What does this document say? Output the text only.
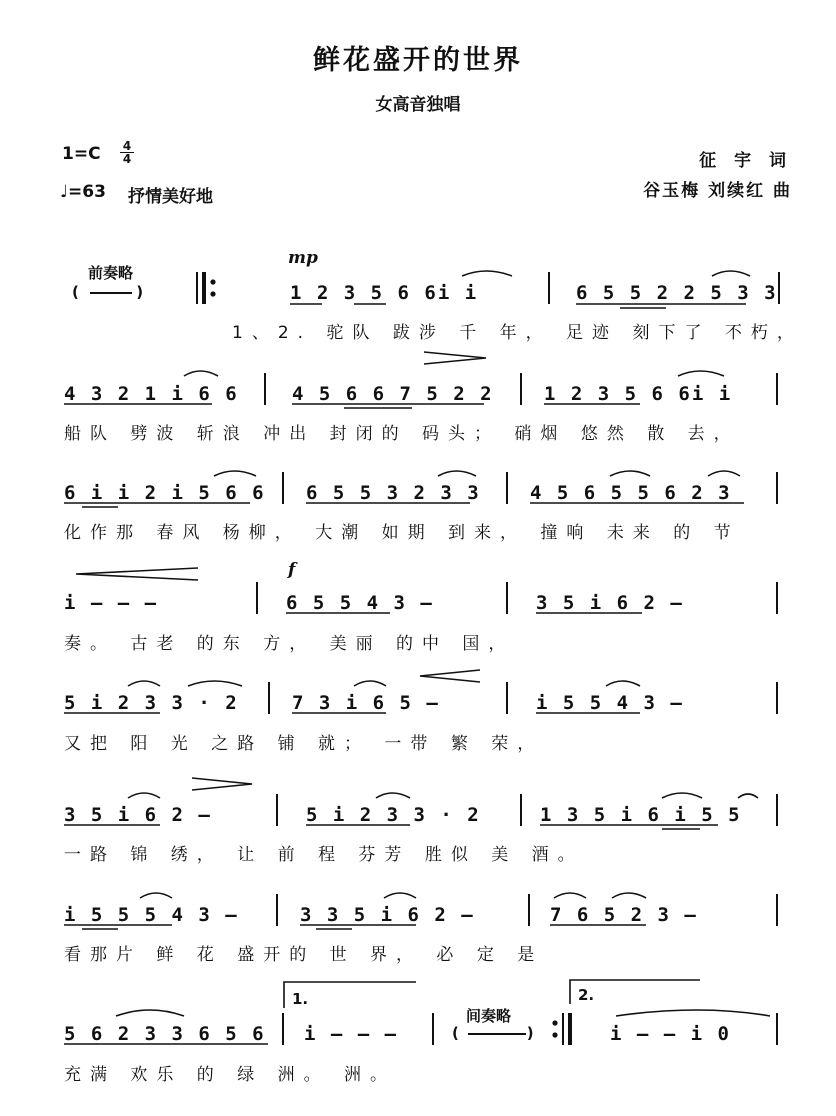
鲜花盛开的世界
女高音独唱
1=C 4
4
♩=63 抒情美好地
征 宇 词
谷玉梅 刘续红 曲
前奏略
(           )
mp
f
1 2 3 5 6 6i i	6 5 5 2 2 5 3 3
1、2. 驼队 跋涉 千 年， 足迹 刻下了 不朽，
4 3 2 1 i 6 6	4 5 6 6 7 5 2 2	1 2 3 5 6 6i i
船队 劈波 斩浪 冲出 封闭的 码头； 硝烟 悠然 散 去，
6 i i 2 i 5 6 6 6 5 5 3 2 3 3	4 5 6 5 5 6 2 3
化作那 春风 杨柳， 大潮 如期 到来， 撞响 未来 的 节
i – – –	6 5 5 4 3 –	3 5 i 6 2 –
奏。 古老 的东 方， 美丽 的中 国，
5 i 2 3 3 · 2	7 3 i 6 5 –	i 5 5 4 3 –
又把 阳 光 之路 铺 就； 一带 繁 荣，
3 5 i 6 2 –	5 i 2 3 3 · 2	1 3 5 i 6 i 5 5
一路 锦 绣， 让 前 程 芬芳 胜似 美 酒。
i 5 5 5 4 3 –	3 3 5 i 6 2 –	7 6 5 2 3 –
看那片 鲜 花 盛开的 世 界， 必 定 是
5 6 2 3 3 6 5 6 i – – –	i – – i 0
充满 欢乐 的 绿 洲。 洲。
1.	2.
间奏略
(             )
